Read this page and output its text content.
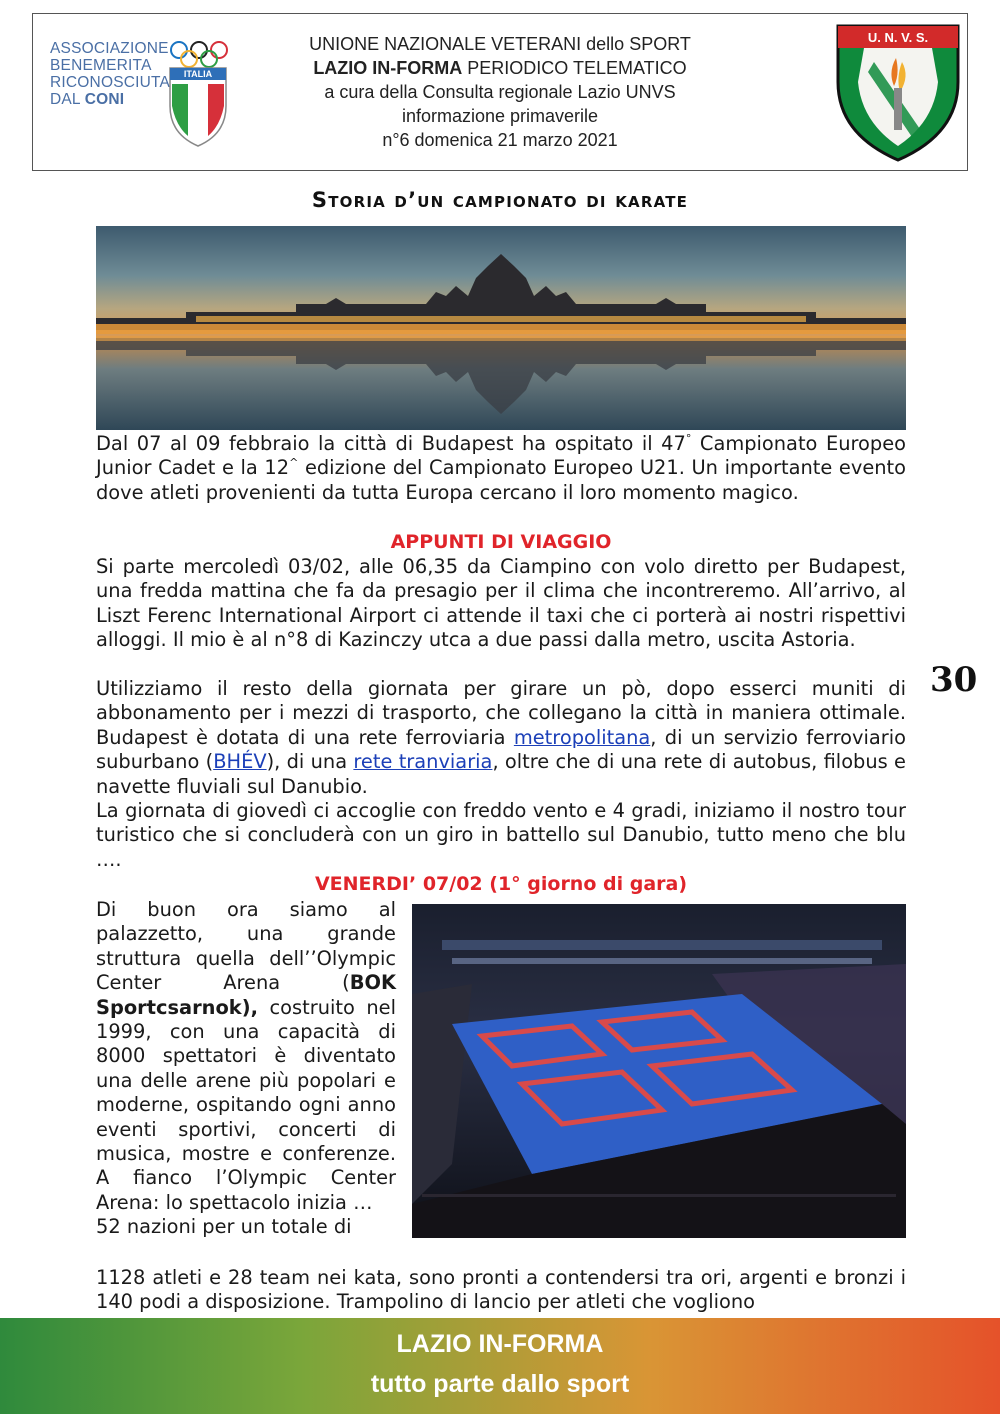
ASSOCIAZIONE
BENEMERITA
RICONOSCIUTA
DAL CONI
ITALIA
UNIONE NAZIONALE VETERANI dello SPORT
LAZIO IN-FORMA PERIODICO TELEMATICO
a cura della Consulta regionale Lazio UNVS
informazione primaverile
n°6 domenica 21 marzo 2021
U. N. V. S.
Storia d’un campionato di karate
Dal 07 al 09 febbraio la città di Budapest ha ospitato il 47° Campionato Europeo Junior Cadet e la 12^ edizione del Campionato Europeo U21. Un importante evento dove atleti provenienti da tutta Europa cercano il loro momento magico.
APPUNTI DI VIAGGIO
Si parte mercoledì 03/02, alle 06,35 da Ciampino con volo diretto per Budapest, una fredda mattina che fa da presagio per il clima che incontreremo. All’arrivo, al Liszt Ferenc International Airport ci attende il taxi che ci porterà ai nostri rispettivi alloggi. Il mio è al n°8 di Kazinczy utca a due passi dalla metro, uscita Astoria.
Utilizziamo il resto della giornata per girare un pò, dopo esserci muniti di abbonamento per i mezzi di trasporto, che collegano la città in maniera ottimale. Budapest è dotata di una rete ferroviaria metropolitana, di un servizio ferroviario suburbano (BHÉV), di una rete tranviaria, oltre che di una rete di autobus, filobus e navette fluviali sul Danubio.
La giornata di giovedì ci accoglie con freddo vento e 4 gradi, iniziamo il nostro tour turistico che si concluderà con un giro in battello sul Danubio, tutto meno che blu ….
30
VENERDI’ 07/02 (1° giorno di gara)
Di buon ora siamo al palazzetto, una grande struttura quella dell’’Olympic Center Arena (BOK Sportcsarnok), costruito nel 1999, con una capacità di 8000 spettatori è diventato una delle arene più popolari e moderne, ospitando ogni anno eventi sportivi, concerti di musica, mostre e conferenze. A fianco l’Olympic Center Arena: lo spettacolo inizia …
52 nazioni per un totale di
1128 atleti e 28 team nei kata, sono pronti a contendersi tra ori, argenti e bronzi i 140 podi a disposizione. Trampolino di lancio per atleti che vogliono
LAZIO IN-FORMA
tutto parte dallo sport
